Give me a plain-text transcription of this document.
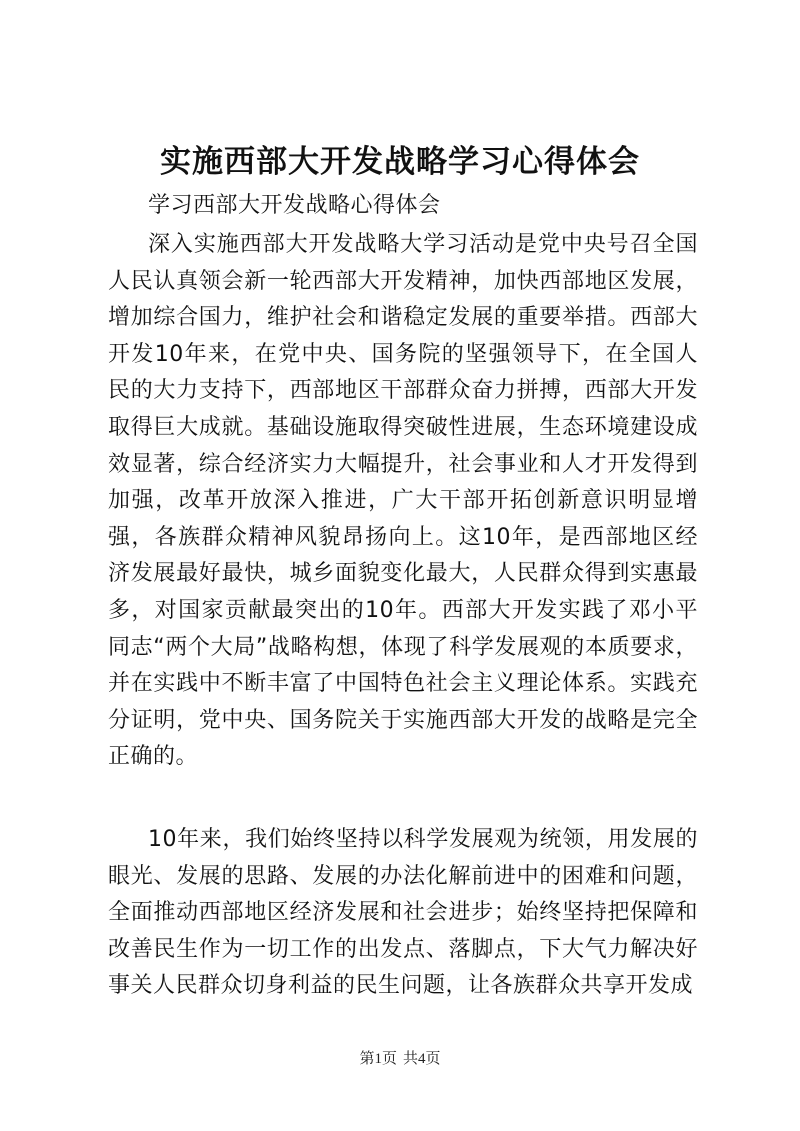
实施西部大开发战略学习心得体会

学习西部大开发战略心得体会

深入实施西部大开发战略大学习活动是党中央号召全国人民认真领会新一轮西部大开发精神，加快西部地区发展，增加综合国力，维护社会和谐稳定发展的重要举措。西部大开发10年来，在党中央、国务院的坚强领导下，在全国人民的大力支持下，西部地区干部群众奋力拼搏，西部大开发取得巨大成就。基础设施取得突破性进展，生态环境建设成效显著，综合经济实力大幅提升，社会事业和人才开发得到加强，改革开放深入推进，广大干部开拓创新意识明显增强，各族群众精神风貌昂扬向上。这10年，是西部地区经济发展最好最快，城乡面貌变化最大，人民群众得到实惠最多，对国家贡献最突出的10年。西部大开发实践了邓小平同志“两个大局”战略构想，体现了科学发展观的本质要求，并在实践中不断丰富了中国特色社会主义理论体系。实践充分证明，党中央、国务院关于实施西部大开发的战略是完全正确的。

10年来，我们始终坚持以科学发展观为统领，用发展的眼光、发展的思路、发展的办法化解前进中的困难和问题，全面推动西部地区经济发展和社会进步；始终坚持把保障和改善民生作为一切工作的出发点、落脚点，下大气力解决好事关人民群众切身利益的民生问题，让各族群众共享开发成

第1页 共4页
